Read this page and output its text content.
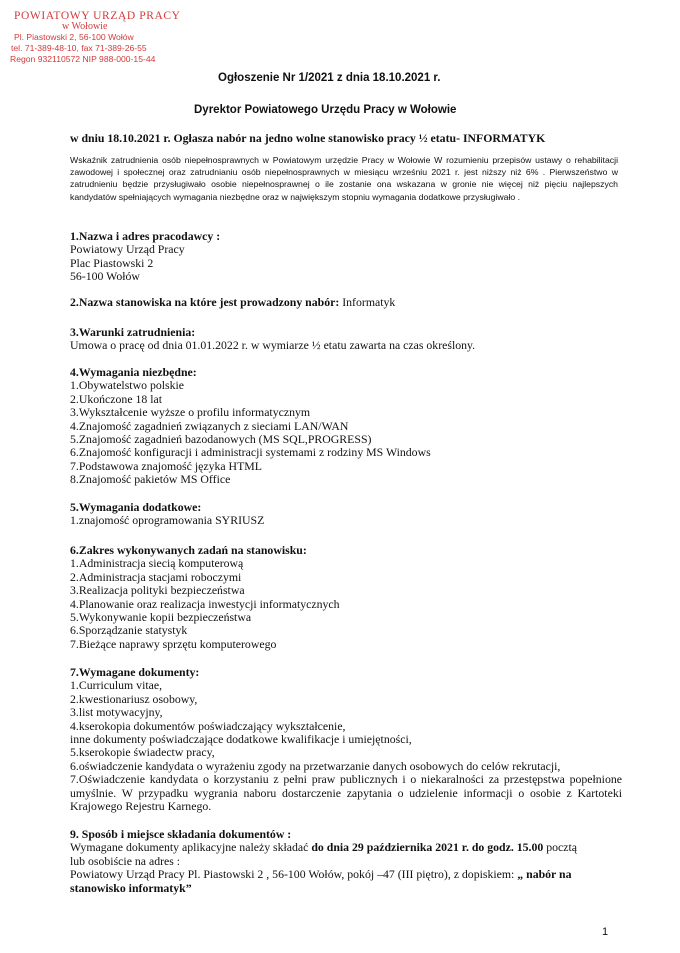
POWIATOWY URZĄD PRACY
w Wołowie
Pl. Piastowski 2, 56-100 Wołów
tel. 71-389-48-10, fax 71-389-26-55
Regon 932110572 NIP 988-000-15-44
Ogłoszenie Nr 1/2021 z dnia 18.10.2021 r.
Dyrektor Powiatowego Urzędu Pracy w Wołowie
w dniu 18.10.2021 r. Ogłasza nabór na jedno wolne stanowisko pracy ½ etatu- INFORMATYK
Wskaźnik zatrudnienia osób niepełnosprawnych w Powiatowym urzędzie Pracy w Wołowie W rozumieniu przepisów ustawy o rehabilitacji zawodowej i społecznej oraz zatrudnianiu osób niepełnosprawnych w miesiącu wrześniu 2021 r. jest niższy niż 6% . Pierwszeństwo w zatrudnieniu będzie przysługiwało osobie niepełnosprawnej o ile zostanie ona wskazana w gronie nie więcej niż pięciu najlepszych kandydatów spełniających wymagania niezbędne oraz w największym stopniu wymagania dodatkowe przysługiwało .
1.Nazwa i adres pracodawcy :
Powiatowy Urząd Pracy
Plac Piastowski 2
56-100 Wołów
2.Nazwa stanowiska na które jest prowadzony nabór: Informatyk
3.Warunki zatrudnienia:
Umowa o pracę od dnia 01.01.2022 r. w wymiarze ½ etatu zawarta na czas określony.
4.Wymagania niezbędne:
1.Obywatelstwo polskie
2.Ukończone 18 lat
3.Wykształcenie wyższe o profilu informatycznym
4.Znajomość zagadnień związanych z sieciami LAN/WAN
5.Znajomość zagadnień bazodanowych (MS SQL,PROGRESS)
6.Znajomość konfiguracji i administracji systemami z rodziny MS Windows
7.Podstawowa znajomość języka HTML
8.Znajomość pakietów MS Office
5.Wymagania dodatkowe:
1.znajomość oprogramowania SYRIUSZ
6.Zakres wykonywanych zadań na stanowisku:
1.Administracja siecią komputerową
2.Administracja stacjami roboczymi
3.Realizacja polityki bezpieczeństwa
4.Planowanie oraz realizacja inwestycji informatycznych
5.Wykonywanie kopii bezpieczeństwa
6.Sporządzanie statystyk
7.Bieżące naprawy sprzętu komputerowego
7.Wymagane dokumenty:
1.Curriculum vitae,
2.kwestionariusz osobowy,
3.list motywacyjny,
4.kserokopia dokumentów poświadczający wykształcenie,
inne dokumenty poświadczające dodatkowe kwalifikacje i umiejętności,
5.kserokopie świadectw pracy,
6.oświadczenie kandydata o wyrażeniu zgody na przetwarzanie danych osobowych do celów rekrutacji,
7.Oświadczenie kandydata o korzystaniu z pełni praw publicznych i o niekaralności za przestępstwa popełnione umyślnie. W przypadku wygrania naboru dostarczenie zapytania o udzielenie informacji o osobie z Kartoteki Krajowego Rejestru Karnego.
9. Sposób i miejsce składania dokumentów :
Wymagane dokumenty aplikacyjne należy składać do dnia 29 października 2021 r. do godz. 15.00 pocztą
lub osobiście na adres :
Powiatowy Urząd Pracy Pl. Piastowski 2 , 56-100 Wołów, pokój –47 (III piętro), z dopiskiem: „ nabór na stanowisko informatyk”
1
